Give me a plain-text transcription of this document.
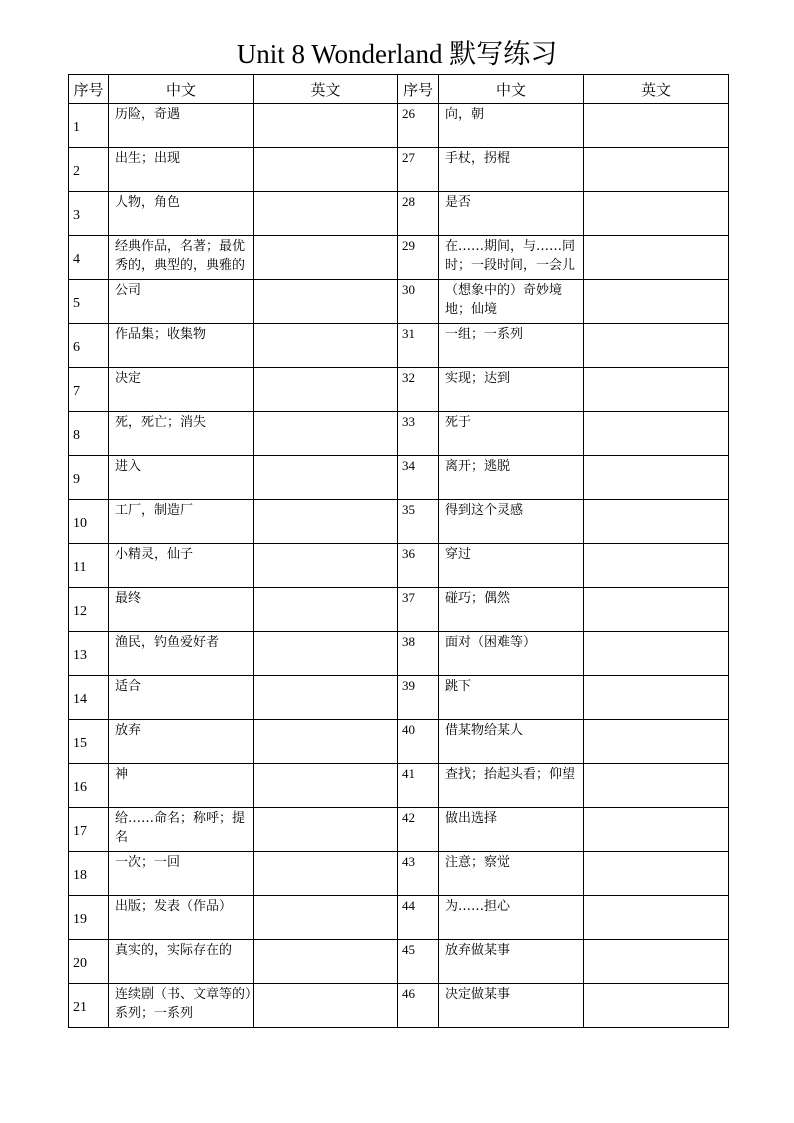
Unit 8 Wonderland 默写练习
序号	中文	英文	序号	中文	英文
1	历险，奇遇		26	向，朝	
2	出生；出现		27	手杖，拐棍	
3	人物，角色		28	是否	
4	经典作品，名著；最优秀的，典型的，典雅的		29	在……期间，与……同时；一段时间，一会儿	
5	公司		30	（想象中的）奇妙境地；仙境	
6	作品集；收集物		31	一组；一系列	
7	决定		32	实现；达到	
8	死，死亡；消失		33	死于	
9	进入		34	离开；逃脱	
10	工厂，制造厂		35	得到这个灵感	
11	小精灵，仙子		36	穿过	
12	最终		37	碰巧；偶然	
13	渔民，钓鱼爱好者		38	面对（困难等）	
14	适合		39	跳下	
15	放弃		40	借某物给某人	
16	神		41	查找；抬起头看；仰望	
17	给……命名；称呼；提名		42	做出选择	
18	一次；一回		43	注意；察觉	
19	出版；发表（作品）		44	为……担心	
20	真实的，实际存在的		45	放弃做某事	
21	连续剧（书、文章等的）系列；一系列		46	决定做某事	
